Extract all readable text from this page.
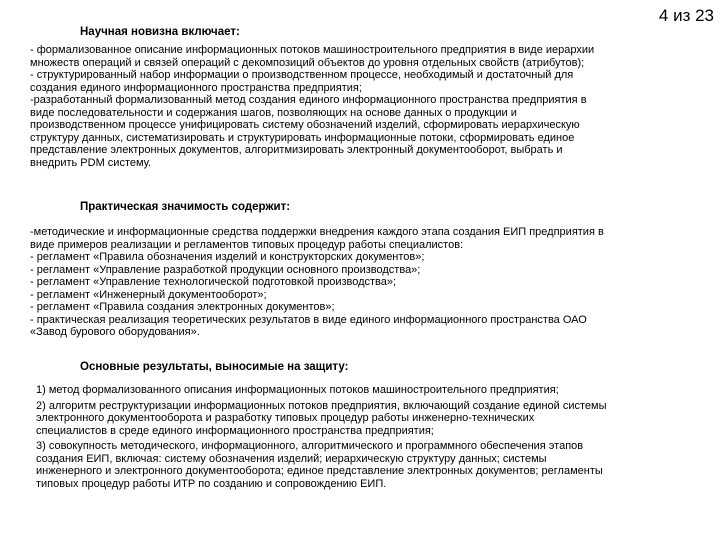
4 из 23
Научная новизна включает:
- формализованное описание информационных потоков машиностроительного предприятия в виде иерархии
множеств операций и связей операций с декомпозиций объектов до уровня отдельных свойств (атрибутов);
- структурированный набор информации о производственном процессе, необходимый и достаточный для
создания единого информационного пространства предприятия;
-разработанный формализованный метод создания единого информационного пространства предприятия в
виде последовательности и содержания шагов, позволяющих на основе данных о продукции и
производственном процессе унифицировать систему обозначений изделий, сформировать иерархическую
структуру данных, систематизировать и структурировать информационные потоки, сформировать единое
представление электронных документов, алгоритмизировать электронный документооборот, выбрать и
внедрить PDM систему.
Практическая значимость содержит:
-методические и информационные средства поддержки внедрения каждого этапа создания ЕИП предприятия в
виде примеров реализации и регламентов типовых процедур работы специалистов:
- регламент «Правила обозначения изделий и конструкторских документов»;
- регламент «Управление разработкой продукции основного производства»;
- регламент «Управление технологической подготовкой производства»;
- регламент «Инженерный документооборот»;
- регламент «Правила создания электронных документов»;
- практическая реализация теоретических результатов в виде единого информационного пространства ОАО
«Завод бурового оборудования».
Основные результаты, выносимые на защиту:
1) метод формализованного описания информационных потоков машиностроительного предприятия;
2) алгоритм реструктуризации информационных потоков предприятия, включающий создание единой системы
электронного документооборота и разработку типовых процедур работы инженерно-технических
специалистов в среде единого информационного пространства предприятия;
3) совокупность методического, информационного, алгоритмического и программного обеспечения этапов
создания ЕИП, включая: систему обозначения изделий; иерархическую структуру данных; системы
инженерного и электронного документооборота; единое представление электронных документов; регламенты
типовых процедур работы ИТР по созданию и сопровождению ЕИП.
